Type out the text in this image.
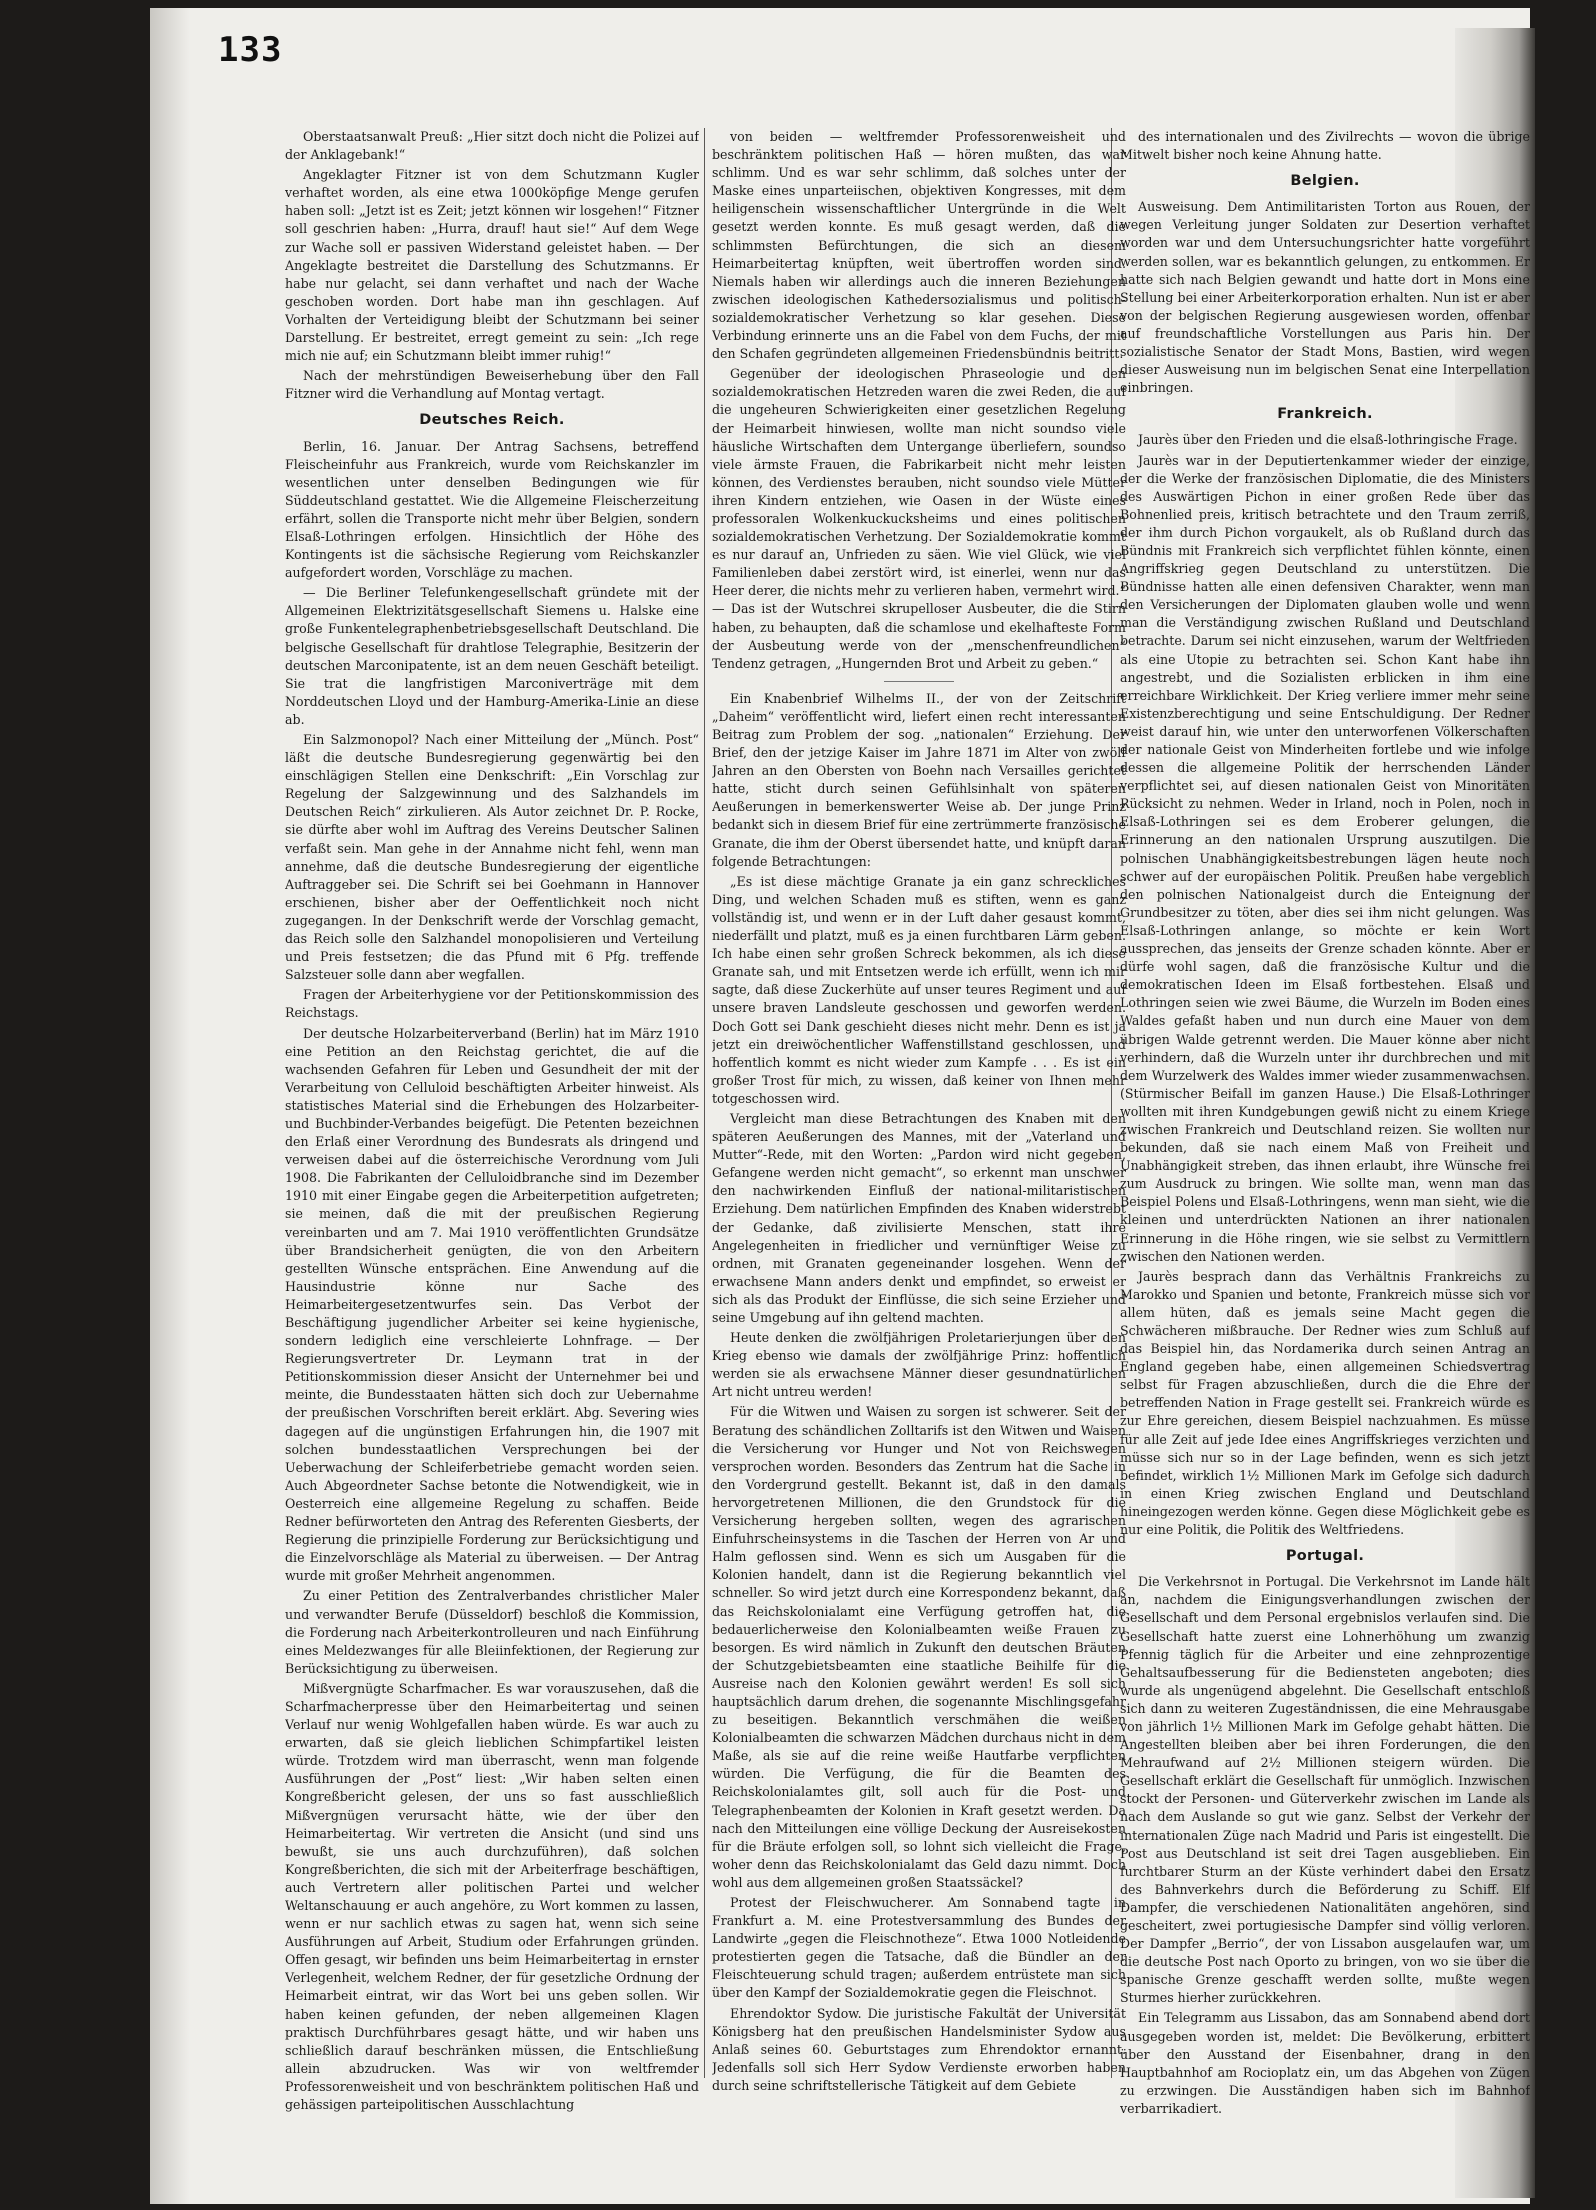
133

Oberstaatsanwalt Preuß: „Hier sitzt doch nicht die Polizei auf der Anklagebank!“

Angeklagter Fitzner ist von dem Schutzmann Kugler verhaftet worden, als eine etwa 1000köpfige Menge gerufen haben soll: „Jetzt ist es Zeit; jetzt können wir losgehen!“ Fitzner soll geschrien haben: „Hurra, drauf! haut sie!“ Auf dem Wege zur Wache soll er passiven Widerstand geleistet haben. — Der Angeklagte bestreitet die Darstellung des Schutzmanns. Er habe nur gelacht, sei dann verhaftet und nach der Wache geschoben worden. Dort habe man ihn geschlagen. Auf Vorhalten der Verteidigung bleibt der Schutzmann bei seiner Darstellung. Er bestreitet, erregt gemeint zu sein: „Ich rege mich nie auf; ein Schutzmann bleibt immer ruhig!“

Nach der mehrstündigen Beweiserhebung über den Fall Fitzner wird die Verhandlung auf Montag vertagt.

Deutsches Reich.

Berlin, 16. Januar. Der Antrag Sachsens, betreffend Fleischeinfuhr aus Frankreich, wurde vom Reichskanzler im wesentlichen unter denselben Bedingungen wie für Süddeutschland gestattet. Wie die Allgemeine Fleischerzeitung erfährt, sollen die Transporte nicht mehr über Belgien, sondern Elsaß-Lothringen erfolgen. Hinsichtlich der Höhe des Kontingents ist die sächsische Regierung vom Reichskanzler aufgefordert worden, Vorschläge zu machen.

— Die Berliner Telefunkengesellschaft gründete mit der Allgemeinen Elektrizitätsgesellschaft Siemens u. Halske eine große Funkentelegraphenbetriebsgesellschaft Deutschland. Die belgische Gesellschaft für drahtlose Telegraphie, Besitzerin der deutschen Marconipatente, ist an dem neuen Geschäft beteiligt. Sie trat die langfristigen Marconiverträge mit dem Norddeutschen Lloyd und der Hamburg-Amerika-Linie an diese ab.

Ein Salzmonopol? Nach einer Mitteilung der „Münch. Post“ läßt die deutsche Bundesregierung gegenwärtig bei den einschlägigen Stellen eine Denkschrift: „Ein Vorschlag zur Regelung der Salzgewinnung und des Salzhandels im Deutschen Reich“ zirkulieren. Als Autor zeichnet Dr. P. Rocke, sie dürfte aber wohl im Auftrag des Vereins Deutscher Salinen verfaßt sein. Man gehe in der Annahme nicht fehl, wenn man annehme, daß die deutsche Bundesregierung der eigentliche Auftraggeber sei. Die Schrift sei bei Goehmann in Hannover erschienen, bisher aber der Oeffentlichkeit noch nicht zugegangen. In der Denkschrift werde der Vorschlag gemacht, das Reich solle den Salzhandel monopolisieren und Verteilung und Preis festsetzen; die das Pfund mit 6 Pfg. treffende Salzsteuer solle dann aber wegfallen.

Fragen der Arbeiterhygiene vor der Petitionskommission des Reichstags.

Der deutsche Holzarbeiterverband (Berlin) hat im März 1910 eine Petition an den Reichstag gerichtet, die auf die wachsenden Gefahren für Leben und Gesundheit der mit der Verarbeitung von Celluloid beschäftigten Arbeiter hinweist. Als statistisches Material sind die Erhebungen des Holzarbeiter- und Buchbinder-Verbandes beigefügt. Die Petenten bezeichnen den Erlaß einer Verordnung des Bundesrats als dringend und verweisen dabei auf die österreichische Verordnung vom Juli 1908. Die Fabrikanten der Celluloidbranche sind im Dezember 1910 mit einer Eingabe gegen die Arbeiterpetition aufgetreten; sie meinen, daß die mit der preußischen Regierung vereinbarten und am 7. Mai 1910 veröffentlichten Grundsätze über Brandsicherheit genügten, die von den Arbeitern gestellten Wünsche entsprächen. Eine Anwendung auf die Hausindustrie könne nur Sache des Heimarbeitergesetzentwurfes sein. Das Verbot der Beschäftigung jugendlicher Arbeiter sei keine hygienische, sondern lediglich eine verschleierte Lohnfrage. — Der Regierungsvertreter Dr. Leymann trat in der Petitionskommission dieser Ansicht der Unternehmer bei und meinte, die Bundesstaaten hätten sich doch zur Uebernahme der preußischen Vorschriften bereit erklärt. Abg. Severing wies dagegen auf die ungünstigen Erfahrungen hin, die 1907 mit solchen bundesstaatlichen Versprechungen bei der Ueberwachung der Schleiferbetriebe gemacht worden seien. Auch Abgeordneter Sachse betonte die Notwendigkeit, wie in Oesterreich eine allgemeine Regelung zu schaffen. Beide Redner befürworteten den Antrag des Referenten Giesberts, der Regierung die prinzipielle Forderung zur Berücksichtigung und die Einzelvorschläge als Material zu überweisen. — Der Antrag wurde mit großer Mehrheit angenommen.

Zu einer Petition des Zentralverbandes christlicher Maler und verwandter Berufe (Düsseldorf) beschloß die Kommission, die Forderung nach Arbeiterkontrolleuren und nach Einführung eines Meldezwanges für alle Bleiinfektionen, der Regierung zur Berücksichtigung zu überweisen.

Mißvergnügte Scharfmacher. Es war vorauszusehen, daß die Scharfmacherpresse über den Heimarbeitertag und seinen Verlauf nur wenig Wohlgefallen haben würde. Es war auch zu erwarten, daß sie gleich lieblichen Schimpfartikel leisten würde. Trotzdem wird man überrascht, wenn man folgende Ausführungen der „Post“ liest: „Wir haben selten einen Kongreßbericht gelesen, der uns so fast ausschließlich Mißvergnügen verursacht hätte, wie der über den Heimarbeitertag. Wir vertreten die Ansicht (und sind uns bewußt, sie uns auch durchzuführen), daß solchen Kongreßberichten, die sich mit der Arbeiterfrage beschäftigen, auch Vertretern aller politischen Partei und welcher Weltanschauung er auch angehöre, zu Wort kommen zu lassen, wenn er nur sachlich etwas zu sagen hat, wenn sich seine Ausführungen auf Arbeit, Studium oder Erfahrungen gründen. Offen gesagt, wir befinden uns beim Heimarbeitertag in ernster Verlegenheit, welchem Redner, der für gesetzliche Ordnung der Heimarbeit eintrat, wir das Wort bei uns geben sollen. Wir haben keinen gefunden, der neben allgemeinen Klagen praktisch Durchführbares gesagt hätte, und wir haben uns schließlich darauf beschränken müssen, die Entschließung allein abzudrucken. Was wir von weltfremder Professorenweisheit und von beschränktem politischen Haß und gehässigen parteipolitischen Ausschlachtung

von beiden — weltfremder Professorenweisheit und beschränktem politischen Haß — hören mußten, das war schlimm. Und es war sehr schlimm, daß solches unter der Maske eines unparteiischen, objektiven Kongresses, mit dem heiligenschein wissenschaftlicher Untergründe in die Welt gesetzt werden konnte. Es muß gesagt werden, daß die schlimmsten Befürchtungen, die sich an diesem Heimarbeitertag knüpften, weit übertroffen worden sind. Niemals haben wir allerdings auch die inneren Beziehungen zwischen ideologischen Kathedersozialismus und politisch-sozialdemokratischer Verhetzung so klar gesehen. Diese Verbindung erinnerte uns an die Fabel von dem Fuchs, der mit den Schafen gegründeten allgemeinen Friedensbündnis beitritt.

Gegenüber der ideologischen Phraseologie und den sozialdemokratischen Hetzreden waren die zwei Reden, die auf die ungeheuren Schwierigkeiten einer gesetzlichen Regelung der Heimarbeit hinwiesen, wollte man nicht soundso viele häusliche Wirtschaften dem Untergange überliefern, soundso viele ärmste Frauen, die Fabrikarbeit nicht mehr leisten können, des Verdienstes berauben, nicht soundso viele Mütter ihren Kindern entziehen, wie Oasen in der Wüste eines professoralen Wolkenkuckucksheims und eines politischen sozialdemokratischen Verhetzung. Der Sozialdemokratie kommt es nur darauf an, Unfrieden zu säen. Wie viel Glück, wie viel Familienleben dabei zerstört wird, ist einerlei, wenn nur das Heer derer, die nichts mehr zu verlieren haben, vermehrt wird.“ — Das ist der Wutschrei skrupelloser Ausbeuter, die die Stirn haben, zu behaupten, daß die schamlose und ekelhafteste Form der Ausbeutung werde von der „menschenfreundlichen“ Tendenz getragen, „Hungernden Brot und Arbeit zu geben.“

Ein Knabenbrief Wilhelms II., der von der Zeitschrift „Daheim“ veröffentlicht wird, liefert einen recht interessanten Beitrag zum Problem der sog. „nationalen“ Erziehung. Der Brief, den der jetzige Kaiser im Jahre 1871 im Alter von zwölf Jahren an den Obersten von Boehn nach Versailles gerichtet hatte, sticht durch seinen Gefühlsinhalt von späteren Aeußerungen in bemerkenswerter Weise ab. Der junge Prinz bedankt sich in diesem Brief für eine zertrümmerte französische Granate, die ihm der Oberst übersendet hatte, und knüpft daran folgende Betrachtungen:

„Es ist diese mächtige Granate ja ein ganz schreckliches Ding, und welchen Schaden muß es stiften, wenn es ganz vollständig ist, und wenn er in der Luft daher gesaust kommt, niederfällt und platzt, muß es ja einen furchtbaren Lärm geben. Ich habe einen sehr großen Schreck bekommen, als ich diese Granate sah, und mit Entsetzen werde ich erfüllt, wenn ich mir sagte, daß diese Zuckerhüte auf unser teures Regiment und auf unsere braven Landsleute geschossen und geworfen werden. Doch Gott sei Dank geschieht dieses nicht mehr. Denn es ist ja jetzt ein dreiwöchentlicher Waffenstillstand geschlossen, und hoffentlich kommt es nicht wieder zum Kampfe . . . Es ist ein großer Trost für mich, zu wissen, daß keiner von Ihnen mehr totgeschossen wird.

Vergleicht man diese Betrachtungen des Knaben mit den späteren Aeußerungen des Mannes, mit der „Vaterland und Mutter“-Rede, mit den Worten: „Pardon wird nicht gegeben, Gefangene werden nicht gemacht“, so erkennt man unschwer den nachwirkenden Einfluß der national-militaristischen Erziehung. Dem natürlichen Empfinden des Knaben widerstrebt der Gedanke, daß zivilisierte Menschen, statt ihre Angelegenheiten in friedlicher und vernünftiger Weise zu ordnen, mit Granaten gegeneinander losgehen. Wenn der erwachsene Mann anders denkt und empfindet, so erweist er sich als das Produkt der Einflüsse, die sich seine Erzieher und seine Umgebung auf ihn geltend machten.

Heute denken die zwölfjährigen Proletarierjungen über den Krieg ebenso wie damals der zwölfjährige Prinz: hoffentlich werden sie als erwachsene Männer dieser gesundnatürlichen Art nicht untreu werden!

Für die Witwen und Waisen zu sorgen ist schwerer. Seit der Beratung des schändlichen Zolltarifs ist den Witwen und Waisen die Versicherung vor Hunger und Not von Reichswegen versprochen worden. Besonders das Zentrum hat die Sache in den Vordergrund gestellt. Bekannt ist, daß in den damals hervorgetretenen Millionen, die den Grundstock für die Versicherung hergeben sollten, wegen des agrarischen Einfuhrscheinsystems in die Taschen der Herren von Ar und Halm geflossen sind. Wenn es sich um Ausgaben für die Kolonien handelt, dann ist die Regierung bekanntlich viel schneller. So wird jetzt durch eine Korrespondenz bekannt, daß das Reichskolonialamt eine Verfügung getroffen hat, die bedauerlicherweise den Kolonialbeamten weiße Frauen zu besorgen. Es wird nämlich in Zukunft den deutschen Bräuten der Schutzgebietsbeamten eine staatliche Beihilfe für die Ausreise nach den Kolonien gewährt werden! Es soll sich hauptsächlich darum drehen, die sogenannte Mischlingsgefahr zu beseitigen. Bekanntlich verschmähen die weißen Kolonialbeamten die schwarzen Mädchen durchaus nicht in dem Maße, als sie auf die reine weiße Hautfarbe verpflichten würden. Die Verfügung, die für die Beamten des Reichskolonialamtes gilt, soll auch für die Post- und Telegraphenbeamten der Kolonien in Kraft gesetzt werden. Da nach den Mitteilungen eine völlige Deckung der Ausreisekosten für die Bräute erfolgen soll, so lohnt sich vielleicht die Frage, woher denn das Reichskolonialamt das Geld dazu nimmt. Doch wohl aus dem allgemeinen großen Staatssäckel?

Protest der Fleischwucherer. Am Sonnabend tagte in Frankfurt a. M. eine Protestversammlung des Bundes der Landwirte „gegen die Fleischnotheze“. Etwa 1000 Notleidende protestierten gegen die Tatsache, daß die Bündler an der Fleischteuerung schuld tragen; außerdem entrüstete man sich über den Kampf der Sozialdemokratie gegen die Fleischnot.

Ehrendoktor Sydow. Die juristische Fakultät der Universität Königsberg hat den preußischen Handelsminister Sydow aus Anlaß seines 60. Geburtstages zum Ehrendoktor ernannt. Jedenfalls soll sich Herr Sydow Verdienste erworben haben durch seine schriftstellerische Tätigkeit auf dem Gebiete

des internationalen und des Zivilrechts — wovon die übrige Mitwelt bisher noch keine Ahnung hatte.

Belgien.

Ausweisung. Dem Antimilitaristen Torton aus Rouen, der wegen Verleitung junger Soldaten zur Desertion verhaftet worden war und dem Untersuchungsrichter hatte vorgeführt werden sollen, war es bekanntlich gelungen, zu entkommen. Er hatte sich nach Belgien gewandt und hatte dort in Mons eine Stellung bei einer Arbeiterkorporation erhalten. Nun ist er aber von der belgischen Regierung ausgewiesen worden, offenbar auf freundschaftliche Vorstellungen aus Paris hin. Der sozialistische Senator der Stadt Mons, Bastien, wird wegen dieser Ausweisung nun im belgischen Senat eine Interpellation einbringen.

Frankreich.

Jaurès über den Frieden und die elsaß-lothringische Frage.

Jaurès war in der Deputiertenkammer wieder der einzige, der die Werke der französischen Diplomatie, die des Ministers des Auswärtigen Pichon in einer großen Rede über das Bohnenlied preis, kritisch betrachtete und den Traum zerriß, der ihm durch Pichon vorgaukelt, als ob Rußland durch das Bündnis mit Frankreich sich verpflichtet fühlen könnte, einen Angriffskrieg gegen Deutschland zu unterstützen. Die Bündnisse hatten alle einen defensiven Charakter, wenn man den Versicherungen der Diplomaten glauben wolle und wenn man die Verständigung zwischen Rußland und Deutschland betrachte. Darum sei nicht einzusehen, warum der Weltfrieden als eine Utopie zu betrachten sei. Schon Kant habe ihn angestrebt, und die Sozialisten erblicken in ihm eine erreichbare Wirklichkeit. Der Krieg verliere immer mehr seine Existenzberechtigung und seine Entschuldigung. Der Redner weist darauf hin, wie unter den unterworfenen Völkerschaften der nationale Geist von Minderheiten fortlebe und wie infolge dessen die allgemeine Politik der herrschenden Länder verpflichtet sei, auf diesen nationalen Geist von Minoritäten Rücksicht zu nehmen. Weder in Irland, noch in Polen, noch in Elsaß-Lothringen sei es dem Eroberer gelungen, die Erinnerung an den nationalen Ursprung auszutilgen. Die polnischen Unabhängigkeitsbestrebungen lägen heute noch schwer auf der europäischen Politik. Preußen habe vergeblich den polnischen Nationalgeist durch die Enteignung der Grundbesitzer zu töten, aber dies sei ihm nicht gelungen. Was Elsaß-Lothringen anlange, so möchte er kein Wort aussprechen, das jenseits der Grenze schaden könnte. Aber er dürfe wohl sagen, daß die französische Kultur und die demokratischen Ideen im Elsaß fortbestehen. Elsaß und Lothringen seien wie zwei Bäume, die Wurzeln im Boden eines Waldes gefaßt haben und nun durch eine Mauer von dem übrigen Walde getrennt werden. Die Mauer könne aber nicht verhindern, daß die Wurzeln unter ihr durchbrechen und mit dem Wurzelwerk des Waldes immer wieder zusammenwachsen. (Stürmischer Beifall im ganzen Hause.) Die Elsaß-Lothringer wollten mit ihren Kundgebungen gewiß nicht zu einem Kriege zwischen Frankreich und Deutschland reizen. Sie wollten nur bekunden, daß sie nach einem Maß von Freiheit und Unabhängigkeit streben, das ihnen erlaubt, ihre Wünsche frei zum Ausdruck zu bringen. Wie sollte man, wenn man das Beispiel Polens und Elsaß-Lothringens, wenn man sieht, wie die kleinen und unterdrückten Nationen an ihrer nationalen Erinnerung in die Höhe ringen, wie sie selbst zu Vermittlern zwischen den Nationen werden.

Jaurès besprach dann das Verhältnis Frankreichs zu Marokko und Spanien und betonte, Frankreich müsse sich vor allem hüten, daß es jemals seine Macht gegen die Schwächeren mißbrauche. Der Redner wies zum Schluß auf das Beispiel hin, das Nordamerika durch seinen Antrag an England gegeben habe, einen allgemeinen Schiedsvertrag selbst für Fragen abzuschließen, durch die die Ehre der betreffenden Nation in Frage gestellt sei. Frankreich würde es zur Ehre gereichen, diesem Beispiel nachzuahmen. Es müsse für alle Zeit auf jede Idee eines Angriffskrieges verzichten und müsse sich nur so in der Lage befinden, wenn es sich jetzt befindet, wirklich 1½ Millionen Mark im Gefolge sich dadurch in einen Krieg zwischen England und Deutschland hineingezogen werden könne. Gegen diese Möglichkeit gebe es nur eine Politik, die Politik des Weltfriedens.

Portugal.

Die Verkehrsnot in Portugal. Die Verkehrsnot im Lande hält an, nachdem die Einigungsverhandlungen zwischen der Gesellschaft und dem Personal ergebnislos verlaufen sind. Die Gesellschaft hatte zuerst eine Lohnerhöhung um zwanzig Pfennig täglich für die Arbeiter und eine zehnprozentige Gehaltsaufbesserung für die Bediensteten angeboten; dies wurde als ungenügend abgelehnt. Die Gesellschaft entschloß sich dann zu weiteren Zugeständnissen, die eine Mehrausgabe von jährlich 1½ Millionen Mark im Gefolge gehabt hätten. Die Angestellten bleiben aber bei ihren Forderungen, die den Mehraufwand auf 2½ Millionen steigern würden. Die Gesellschaft erklärt die Gesellschaft für unmöglich. Inzwischen stockt der Personen- und Güterverkehr zwischen im Lande als nach dem Auslande so gut wie ganz. Selbst der Verkehr der internationalen Züge nach Madrid und Paris ist eingestellt. Die Post aus Deutschland ist seit drei Tagen ausgeblieben. Ein furchtbarer Sturm an der Küste verhindert dabei den Ersatz des Bahnverkehrs durch die Beförderung zu Schiff. Elf Dampfer, die verschiedenen Nationalitäten angehören, sind gescheitert, zwei portugiesische Dampfer sind völlig verloren. Der Dampfer „Berrio“, der von Lissabon ausgelaufen war, um die deutsche Post nach Oporto zu bringen, von wo sie über die spanische Grenze geschafft werden sollte, mußte wegen Sturmes hierher zurückkehren.

Ein Telegramm aus Lissabon, das am Sonnabend abend dort ausgegeben worden ist, meldet: Die Bevölkerung, erbittert über den Ausstand der Eisenbahner, drang in den Hauptbahnhof am Rocioplatz ein, um das Abgehen von Zügen zu erzwingen. Die Ausständigen haben sich im Bahnhof verbarrikadiert.
